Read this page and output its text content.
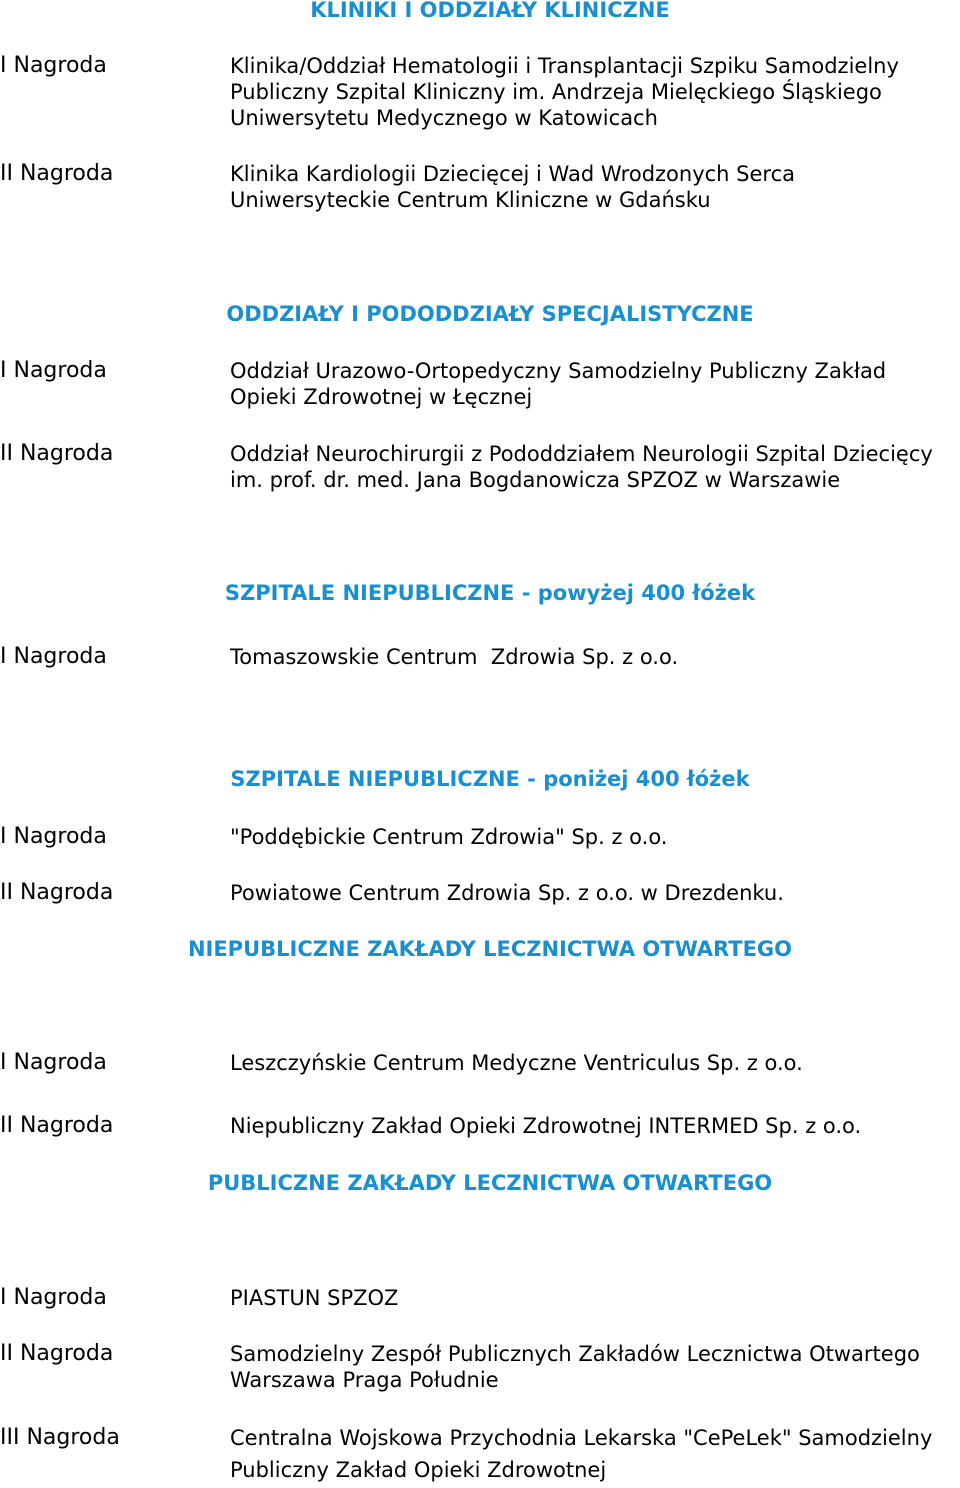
KLINIKI I ODDZIAŁY KLINICZNE
I Nagroda	Klinika/Oddział Hematologii i Transplantacji Szpiku Samodzielny
Publiczny Szpital Kliniczny im. Andrzeja Mielęckiego Śląskiego
Uniwersytetu Medycznego w Katowicach
II Nagroda	Klinika Kardiologii Dziecięcej i Wad Wrodzonych Serca
Uniwersyteckie Centrum Kliniczne w Gdańsku
ODDZIAŁY I PODODDZIAŁY SPECJALISTYCZNE
I Nagroda	Oddział Urazowo-Ortopedyczny Samodzielny Publiczny Zakład
Opieki Zdrowotnej w Łęcznej
II Nagroda	Oddział Neurochirurgii z Pododdziałem Neurologii Szpital Dziecięcy
im. prof. dr. med. Jana Bogdanowicza SPZOZ w Warszawie
SZPITALE NIEPUBLICZNE - powyżej 400 łóżek
I Nagroda	Tomaszowskie Centrum  Zdrowia Sp. z o.o.
SZPITALE NIEPUBLICZNE - poniżej 400 łóżek
I Nagroda	"Poddębickie Centrum Zdrowia" Sp. z o.o.
II Nagroda	Powiatowe Centrum Zdrowia Sp. z o.o. w Drezdenku.
NIEPUBLICZNE ZAKŁADY LECZNICTWA OTWARTEGO
I Nagroda	Leszczyńskie Centrum Medyczne Ventriculus Sp. z o.o.
II Nagroda	Niepubliczny Zakład Opieki Zdrowotnej INTERMED Sp. z o.o.
PUBLICZNE ZAKŁADY LECZNICTWA OTWARTEGO
I Nagroda	PIASTUN SPZOZ
II Nagroda	Samodzielny Zespół Publicznych Zakładów Lecznictwa Otwartego
Warszawa Praga Południe
III Nagroda	Centralna Wojskowa Przychodnia Lekarska "CePeLek" Samodzielny
Publiczny Zakład Opieki Zdrowotnej
